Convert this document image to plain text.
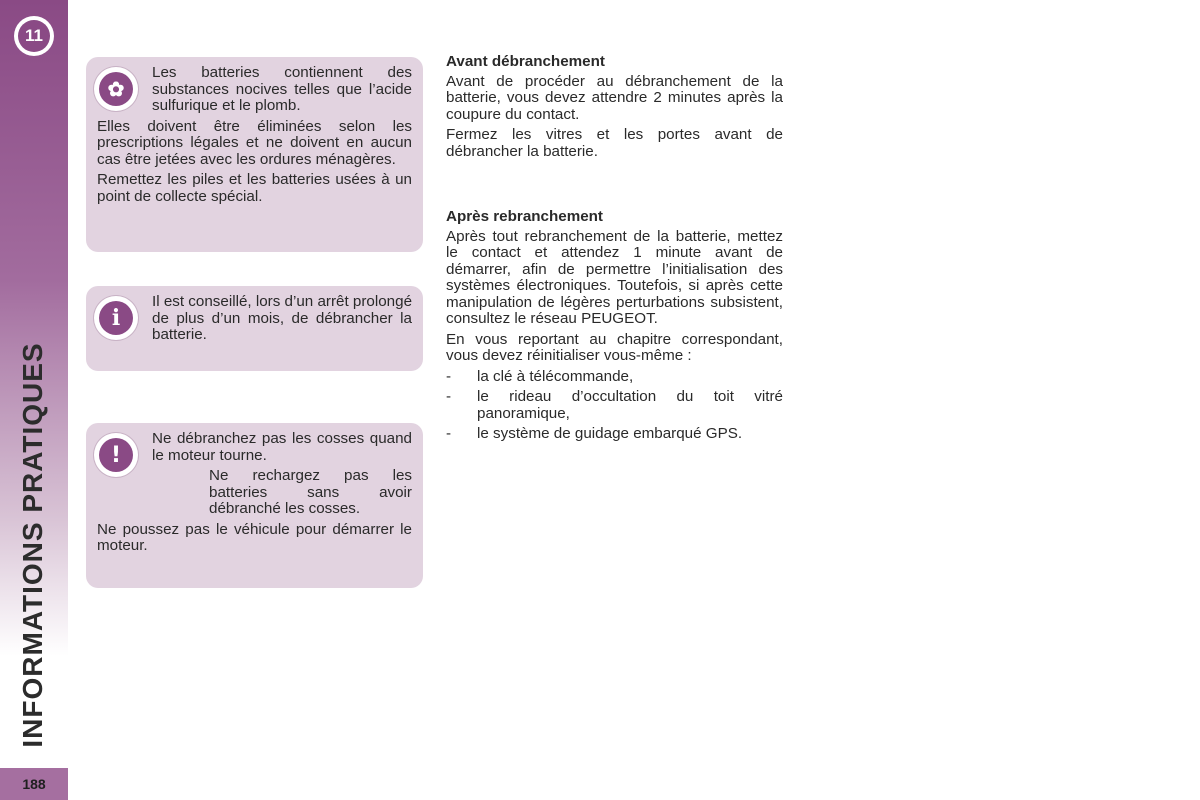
11
INFORMATIONS PRATIQUES
188
✿

Les batteries contiennent des substances nocives telles que l’acide sulfurique et le plomb.

Elles doivent être éliminées selon les prescriptions légales et ne doivent en aucun cas être jetées avec les ordures ménagères.

Remettez les piles et les batteries usées à un point de collecte spécial.

i

Il est conseillé, lors d’un arrêt prolongé de plus d’un mois, de débrancher la batterie.

!

Ne débranchez pas les cosses quand le moteur tourne.

Ne rechargez pas les batteries sans avoir débranché les cosses.

Ne poussez pas le véhicule pour démarrer le moteur.

Avant débranchement

Avant de procéder au débranchement de la batterie, vous devez attendre 2 minutes après la coupure du contact.

Fermez les vitres et les portes avant de débrancher la batterie.

Après rebranchement

Après tout rebranchement de la batterie, mettez le contact et attendez 1 minute avant de démarrer, afin de permettre l’initialisation des systèmes électroniques. Toutefois, si après cette manipulation de légères perturbations subsistent, consultez le réseau PEUGEOT.

En vous reportant au chapitre correspondant, vous devez réinitialiser vous-même :

- la clé à télécommande,
- le rideau d’occultation du toit vitré panoramique,
- le système de guidage embarqué GPS.
